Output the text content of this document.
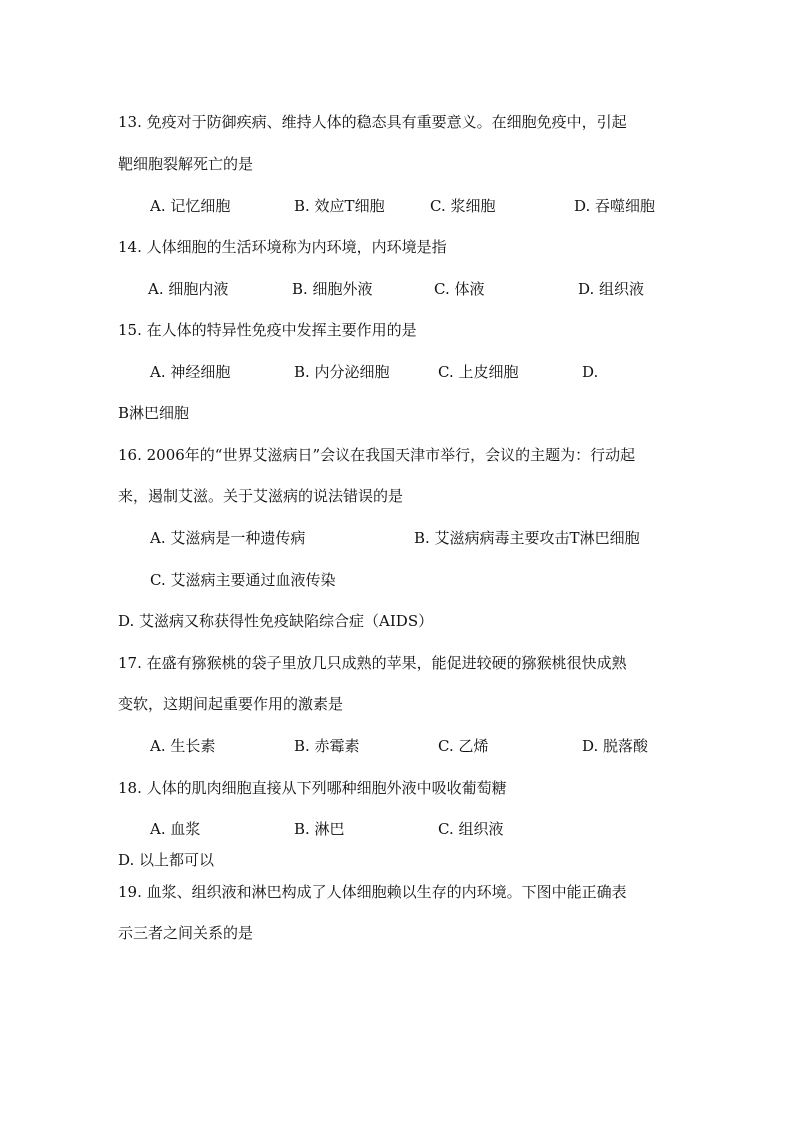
13. 免疫对于防御疾病、维持人体的稳态具有重要意义。在细胞免疫中，引起
靶细胞裂解死亡的是
A. 记忆细胞	B. 效应T细胞	C. 浆细胞	D. 吞噬细胞
14. 人体细胞的生活环境称为内环境，内环境是指
A. 细胞内液	B. 细胞外液	C. 体液	D. 组织液
15. 在人体的特异性免疫中发挥主要作用的是
A. 神经细胞	B. 内分泌细胞	C. 上皮细胞	D.
B淋巴细胞
16. 2006年的“世界艾滋病日”会议在我国天津市举行，会议的主题为：行动起
来，遏制艾滋。关于艾滋病的说法错误的是
A. 艾滋病是一种遗传病	B. 艾滋病病毒主要攻击T淋巴细胞
C. 艾滋病主要通过血液传染
D. 艾滋病又称获得性免疫缺陷综合症（AIDS）
17. 在盛有猕猴桃的袋子里放几只成熟的苹果，能促进较硬的猕猴桃很快成熟
变软，这期间起重要作用的激素是
A. 生长素	B. 赤霉素	C. 乙烯	D. 脱落酸
18. 人体的肌肉细胞直接从下列哪种细胞外液中吸收葡萄糖
A. 血浆	B. 淋巴	C. 组织液
D. 以上都可以
19. 血浆、组织液和淋巴构成了人体细胞赖以生存的内环境。下图中能正确表
示三者之间关系的是
